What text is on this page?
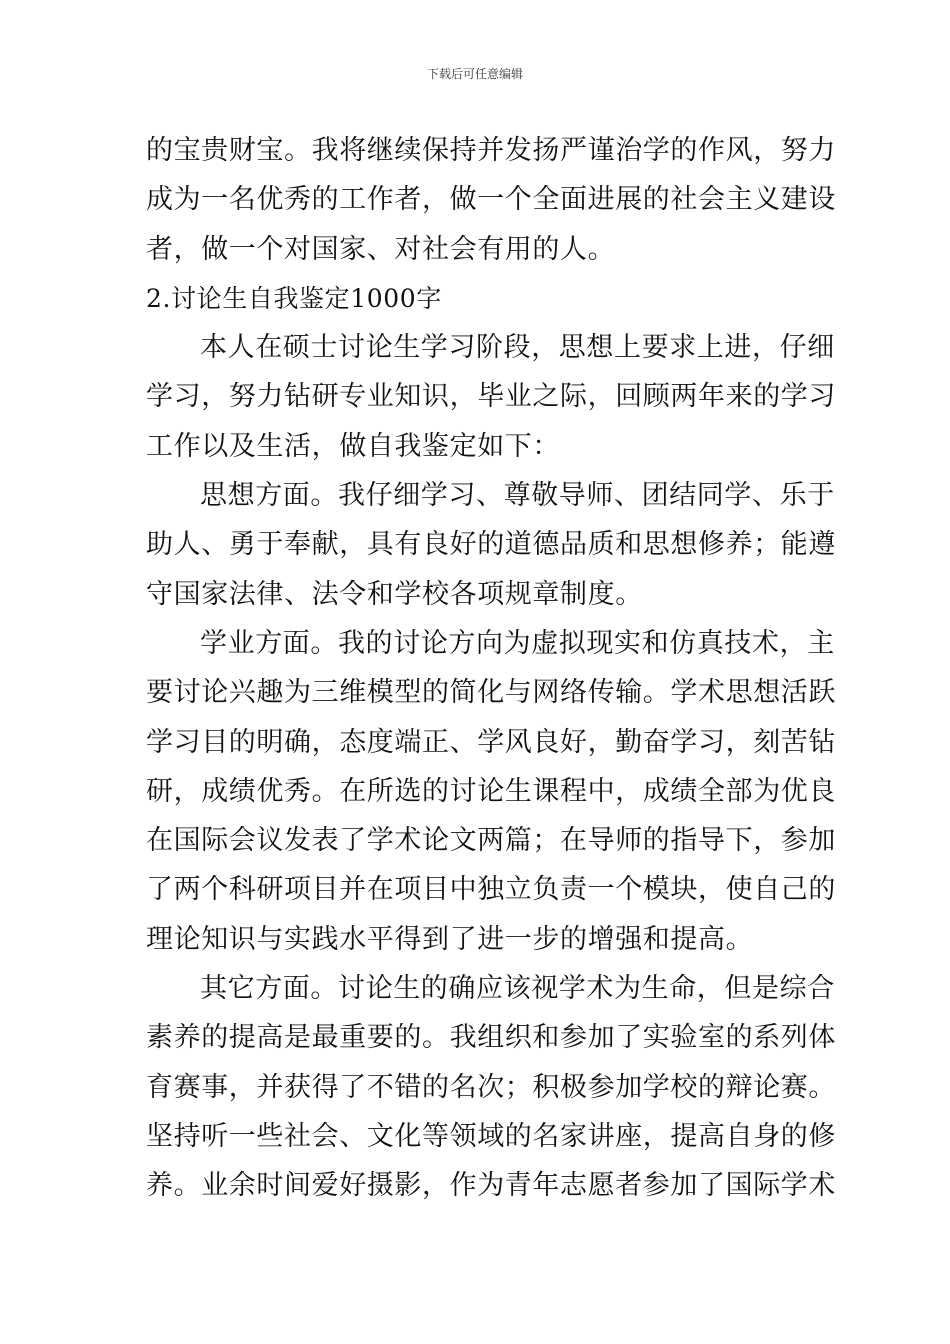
下载后可任意编辑
的宝贵财宝。我将继续保持并发扬严谨治学的作风，努力
成为一名优秀的工作者，做一个全面进展的社会主义建设
者，做一个对国家、对社会有用的人。
2.讨论生自我鉴定1000字
本人在硕士讨论生学习阶段，思想上要求上进，仔细
学习，努力钻研专业知识，毕业之际，回顾两年来的学习
工作以及生活，做自我鉴定如下：
思想方面。我仔细学习、尊敬导师、团结同学、乐于
助人、勇于奉献，具有良好的道德品质和思想修养；能遵
守国家法律、法令和学校各项规章制度。
学业方面。我的讨论方向为虚拟现实和仿真技术，主
要讨论兴趣为三维模型的简化与网络传输。学术思想活跃
学习目的明确，态度端正、学风良好，勤奋学习，刻苦钻
研，成绩优秀。在所选的讨论生课程中，成绩全部为优良
在国际会议发表了学术论文两篇；在导师的指导下，参加
了两个科研项目并在项目中独立负责一个模块，使自己的
理论知识与实践水平得到了进一步的增强和提高。
其它方面。讨论生的确应该视学术为生命，但是综合
素养的提高是最重要的。我组织和参加了实验室的系列体
育赛事，并获得了不错的名次；积极参加学校的辩论赛。
坚持听一些社会、文化等领域的名家讲座，提高自身的修
养。业余时间爱好摄影，作为青年志愿者参加了国际学术
